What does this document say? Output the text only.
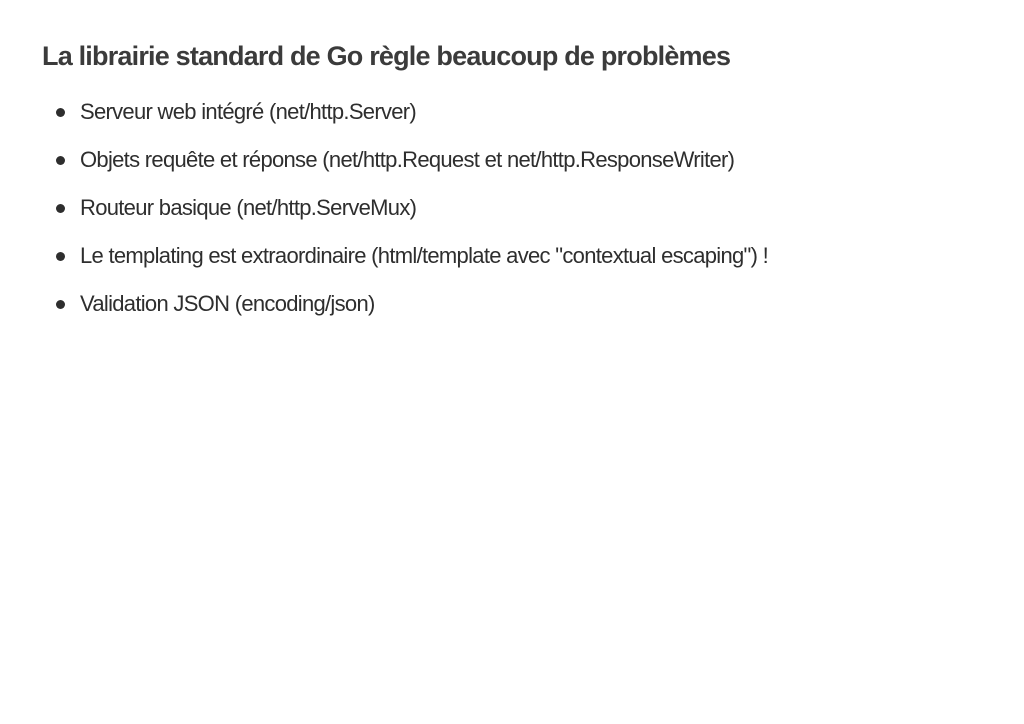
La librairie standard de Go règle beaucoup de problèmes
Serveur web intégré (net/http.Server)
Objets requête et réponse (net/http.Request et net/http.ResponseWriter)
Routeur basique (net/http.ServeMux)
Le templating est extraordinaire (html/template avec "contextual escaping") !
Validation JSON (encoding/json)
